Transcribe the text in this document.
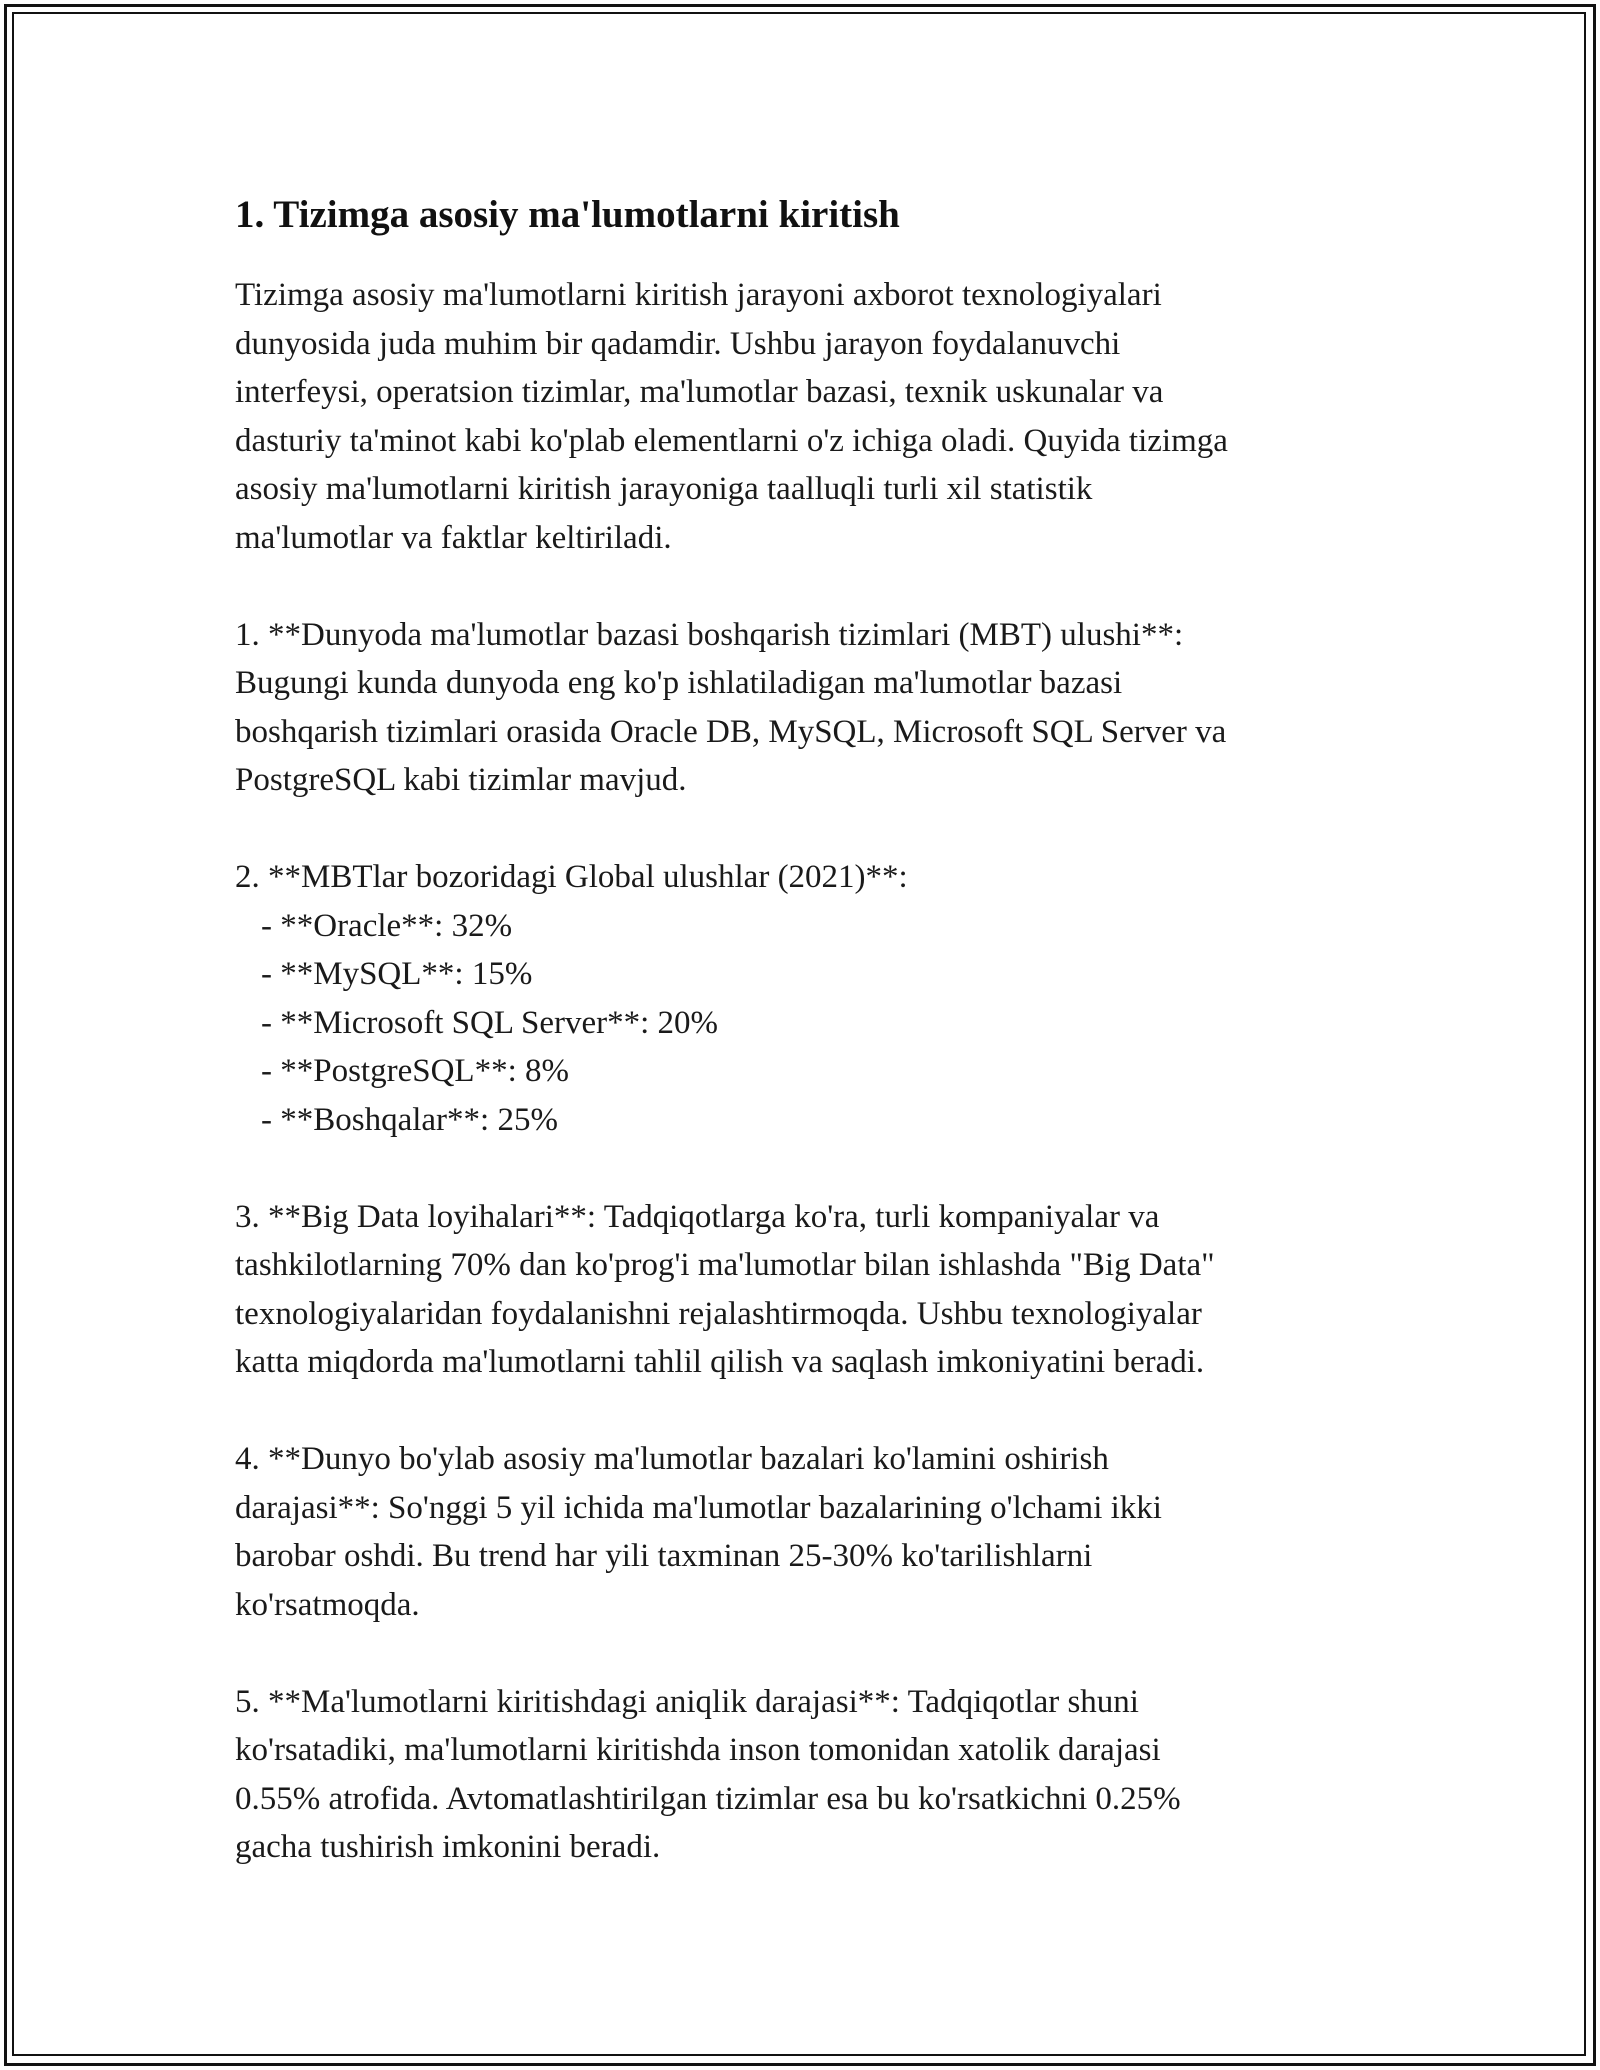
1. Tizimga asosiy ma'lumotlarni kiritish

Tizimga asosiy ma'lumotlarni kiritish jarayoni axborot texnologiyalari
dunyosida juda muhim bir qadamdir. Ushbu jarayon foydalanuvchi
interfeysi, operatsion tizimlar, ma'lumotlar bazasi, texnik uskunalar va
dasturiy ta'minot kabi ko'plab elementlarni o'z ichiga oladi. Quyida tizimga
asosiy ma'lumotlarni kiritish jarayoniga taalluqli turli xil statistik
ma'lumotlar va faktlar keltiriladi.

1. **Dunyoda ma'lumotlar bazasi boshqarish tizimlari (MBT) ulushi**:
Bugungi kunda dunyoda eng ko'p ishlatiladigan ma'lumotlar bazasi
boshqarish tizimlari orasida Oracle DB, MySQL, Microsoft SQL Server va
PostgreSQL kabi tizimlar mavjud.

2. **MBTlar bozoridagi Global ulushlar (2021)**:

- **Oracle**: 32%
- **MySQL**: 15%
- **Microsoft SQL Server**: 20%
- **PostgreSQL**: 8%
- **Boshqalar**: 25%

3. **Big Data loyihalari**: Tadqiqotlarga ko'ra, turli kompaniyalar va
tashkilotlarning 70% dan ko'prog'i ma'lumotlar bilan ishlashda "Big Data"
texnologiyalaridan foydalanishni rejalashtirmoqda. Ushbu texnologiyalar
katta miqdorda ma'lumotlarni tahlil qilish va saqlash imkoniyatini beradi.

4. **Dunyo bo'ylab asosiy ma'lumotlar bazalari ko'lamini oshirish
darajasi**: So'nggi 5 yil ichida ma'lumotlar bazalarining o'lchami ikki
barobar oshdi. Bu trend har yili taxminan 25-30% ko'tarilishlarni
ko'rsatmoqda.

5. **Ma'lumotlarni kiritishdagi aniqlik darajasi**: Tadqiqotlar shuni
ko'rsatadiki, ma'lumotlarni kiritishda inson tomonidan xatolik darajasi
0.55% atrofida. Avtomatlashtirilgan tizimlar esa bu ko'rsatkichni 0.25%
gacha tushirish imkonini beradi.
